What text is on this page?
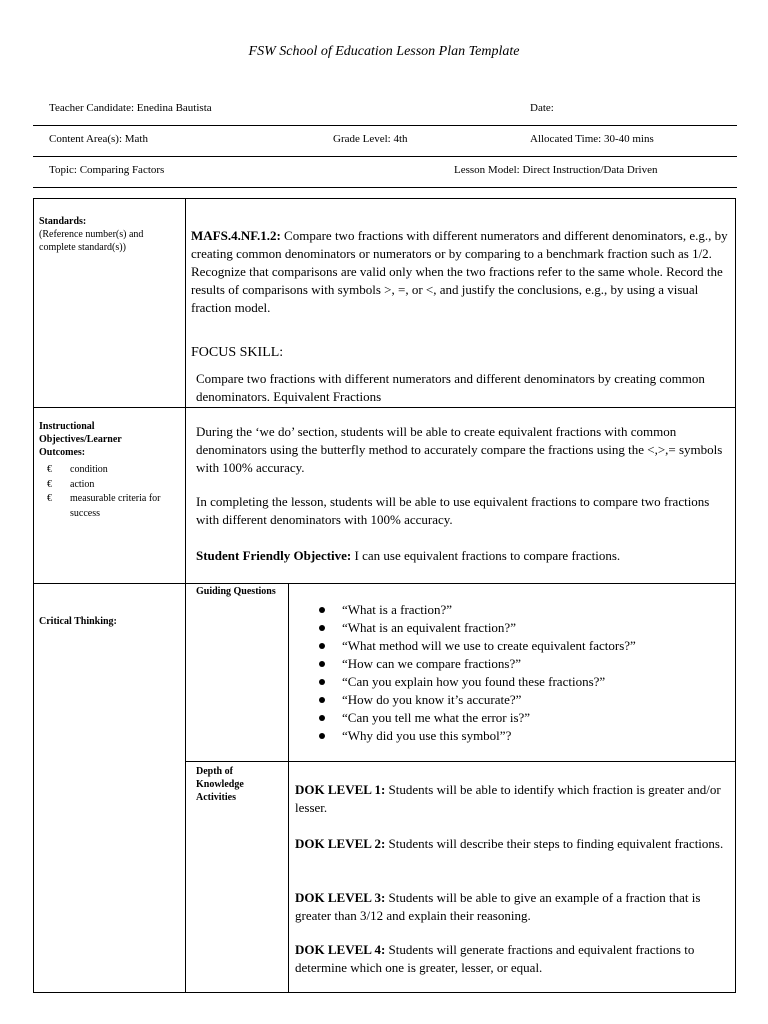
FSW School of Education Lesson Plan Template
Teacher Candidate: Enedina Bautista	Date:
Content Area(s): Math	Grade Level: 4th	Allocated Time: 30-40 mins
Topic: Comparing Factors	Lesson Model: Direct Instruction/Data Driven
Standards:
(Reference number(s) and complete standard(s))
MAFS.4.NF.1.2: Compare two fractions with different numerators and different denominators, e.g., by creating common denominators or numerators or by comparing to a benchmark fraction such as 1/2. Recognize that comparisons are valid only when the two fractions refer to the same whole. Record the results of comparisons with symbols >, =, or <, and justify the conclusions, e.g., by using a visual fraction model.
FOCUS SKILL:
Compare two fractions with different numerators and different denominators by creating common denominators. Equivalent Fractions
Instructional Objectives/Learner Outcomes:
€ condition
€ action
€ measurable criteria for success
During the ‘we do’ section, students will be able to create equivalent fractions with common denominators using the butterfly method to accurately compare the fractions using the <,>,= symbols with 100% accuracy.
In completing the lesson, students will be able to use equivalent fractions to compare two fractions with different denominators with 100% accuracy.
Student Friendly Objective: I can use equivalent fractions to compare fractions.
Critical Thinking:
Guiding Questions
“What is a fraction?”
“What is an equivalent fraction?”
“What method will we use to create equivalent factors?”
“How can we compare fractions?”
“Can you explain how you found these fractions?”
“How do you know it’s accurate?”
“Can you tell me what the error is?”
“Why did you use this symbol”?
Depth of Knowledge Activities
DOK LEVEL 1: Students will be able to identify which fraction is greater and/or lesser.
DOK LEVEL 2: Students will describe their steps to finding equivalent fractions.
DOK LEVEL 3: Students will be able to give an example of a fraction that is greater than 3/12 and explain their reasoning.
DOK LEVEL 4: Students will generate fractions and equivalent fractions to determine which one is greater, lesser, or equal.
